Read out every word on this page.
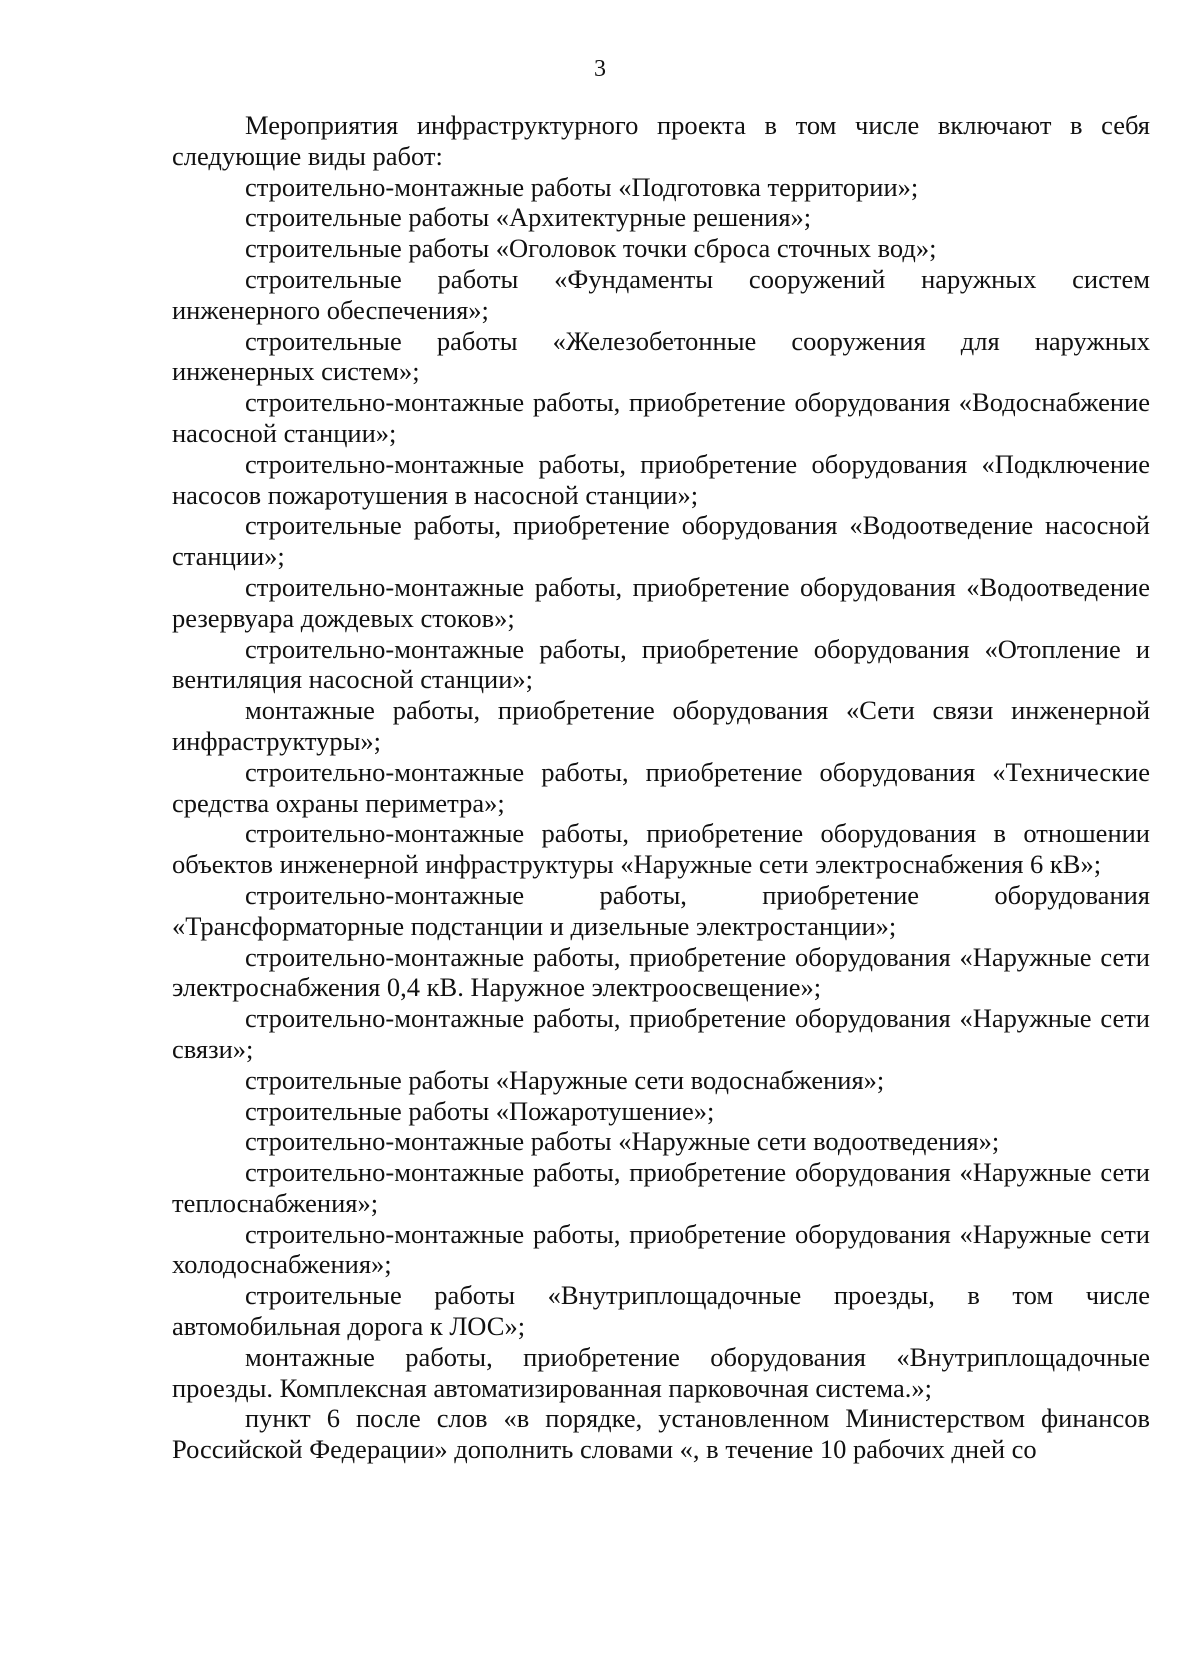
3

Мероприятия инфраструктурного проекта в том числе включают в себя следующие виды работ:

строительно-монтажные работы «Подготовка территории»;

строительные работы «Архитектурные решения»;

строительные работы «Оголовок точки сброса сточных вод»;

строительные работы «Фундаменты сооружений наружных систем инженерного обеспечения»;

строительные работы «Железобетонные сооружения для наружных инженерных систем»;

строительно-монтажные работы, приобретение оборудования «Водоснабжение насосной станции»;

строительно-монтажные работы, приобретение оборудования «Подключение насосов пожаротушения в насосной станции»;

строительные работы, приобретение оборудования «Водоотведение насосной станции»;

строительно-монтажные работы, приобретение оборудования «Водоотведение резервуара дождевых стоков»;

строительно-монтажные работы, приобретение оборудования «Отопление и вентиляция насосной станции»;

монтажные работы, приобретение оборудования «Сети связи инженерной инфраструктуры»;

строительно-монтажные работы, приобретение оборудования «Технические средства охраны периметра»;

строительно-монтажные работы, приобретение оборудования в отношении объектов инженерной инфраструктуры «Наружные сети электроснабжения 6 кВ»;

строительно-монтажные работы, приобретение оборудования «Трансформаторные подстанции и дизельные электростанции»;

строительно-монтажные работы, приобретение оборудования «Наружные сети электроснабжения 0,4 кВ. Наружное электроосвещение»;

строительно-монтажные работы, приобретение оборудования «Наружные сети связи»;

строительные работы «Наружные сети водоснабжения»;

строительные работы «Пожаротушение»;

строительно-монтажные работы «Наружные сети водоотведения»;

строительно-монтажные работы, приобретение оборудования «Наружные сети теплоснабжения»;

строительно-монтажные работы, приобретение оборудования «Наружные сети холодоснабжения»;

строительные работы «Внутриплощадочные проезды, в том числе автомобильная дорога к ЛОС»;

монтажные работы, приобретение оборудования «Внутриплощадочные проезды. Комплексная автоматизированная парковочная система.»;

пункт 6 после слов «в порядке, установленном Министерством финансов Российской Федерации» дополнить словами «, в течение 10 рабочих дней со
